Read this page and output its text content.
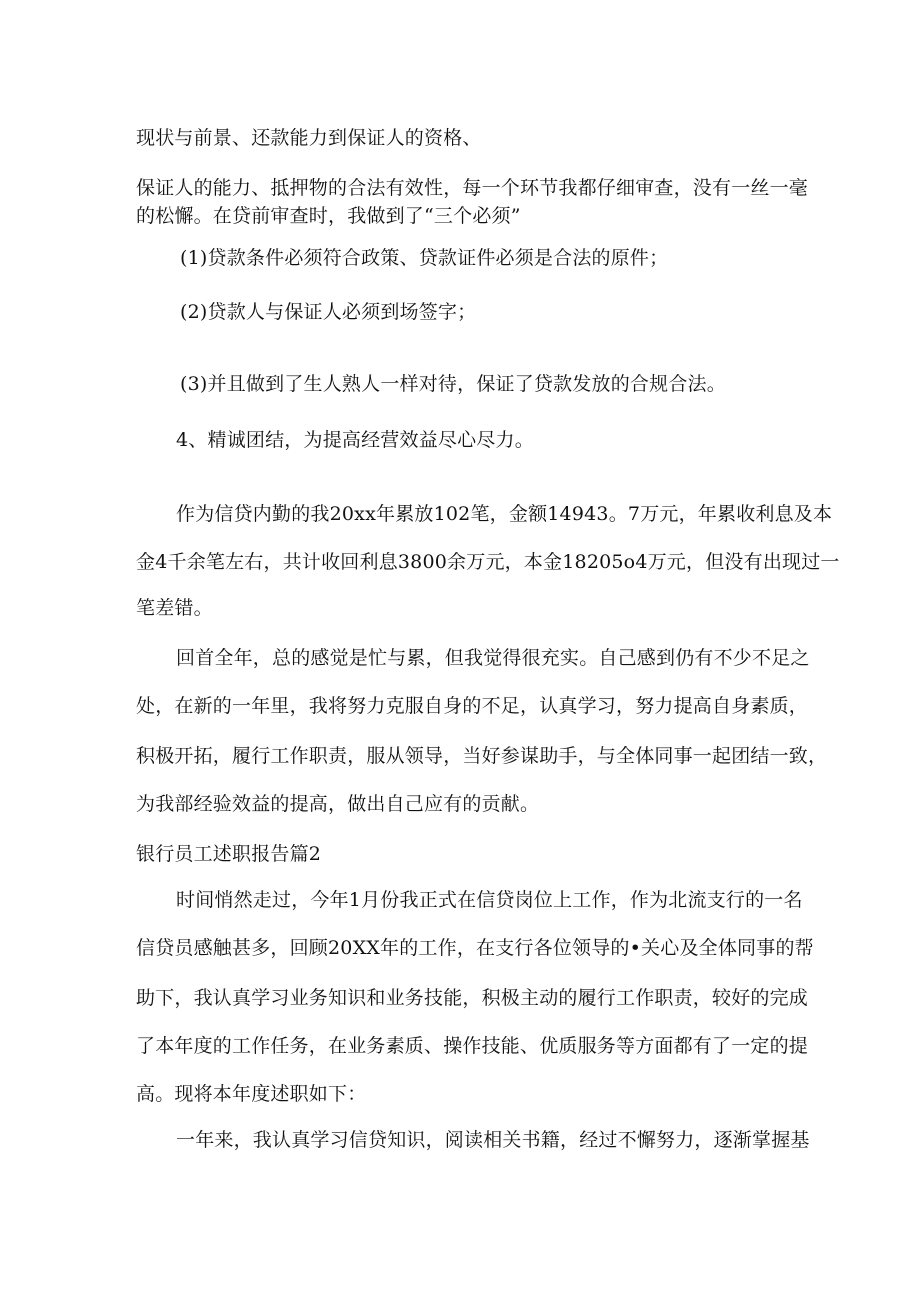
现状与前景、还款能力到保证人的资格、
保证人的能力、抵押物的合法有效性，每一个环节我都仔细审查，没有一丝一毫
的松懈。在贷前审查时，我做到了“三个必须”
(1)贷款条件必须符合政策、贷款证件必须是合法的原件；
(2)贷款人与保证人必须到场签字；
(3)并且做到了生人熟人一样对待，保证了贷款发放的合规合法。
4、精诚团结，为提高经营效益尽心尽力。
作为信贷内勤的我20xx年累放102笔，金额14943。7万元，年累收利息及本
金4千余笔左右，共计收回利息3800余万元，本金18205o4万元，但没有出现过一
笔差错。
回首全年，总的感觉是忙与累，但我觉得很充实。自己感到仍有不少不足之
处，在新的一年里，我将努力克服自身的不足，认真学习，努力提高自身素质，
积极开拓，履行工作职责，服从领导，当好参谋助手，与全体同事一起团结一致，
为我部经验效益的提高，做出自己应有的贡献。
银行员工述职报告篇2
时间悄然走过，今年1月份我正式在信贷岗位上工作，作为北流支行的一名
信贷员感触甚多，回顾20XX年的工作，在支行各位领导的•关心及全体同事的帮
助下，我认真学习业务知识和业务技能，积极主动的履行工作职责，较好的完成
了本年度的工作任务，在业务素质、操作技能、优质服务等方面都有了一定的提
高。现将本年度述职如下：
一年来，我认真学习信贷知识，阅读相关书籍，经过不懈努力，逐渐掌握基
